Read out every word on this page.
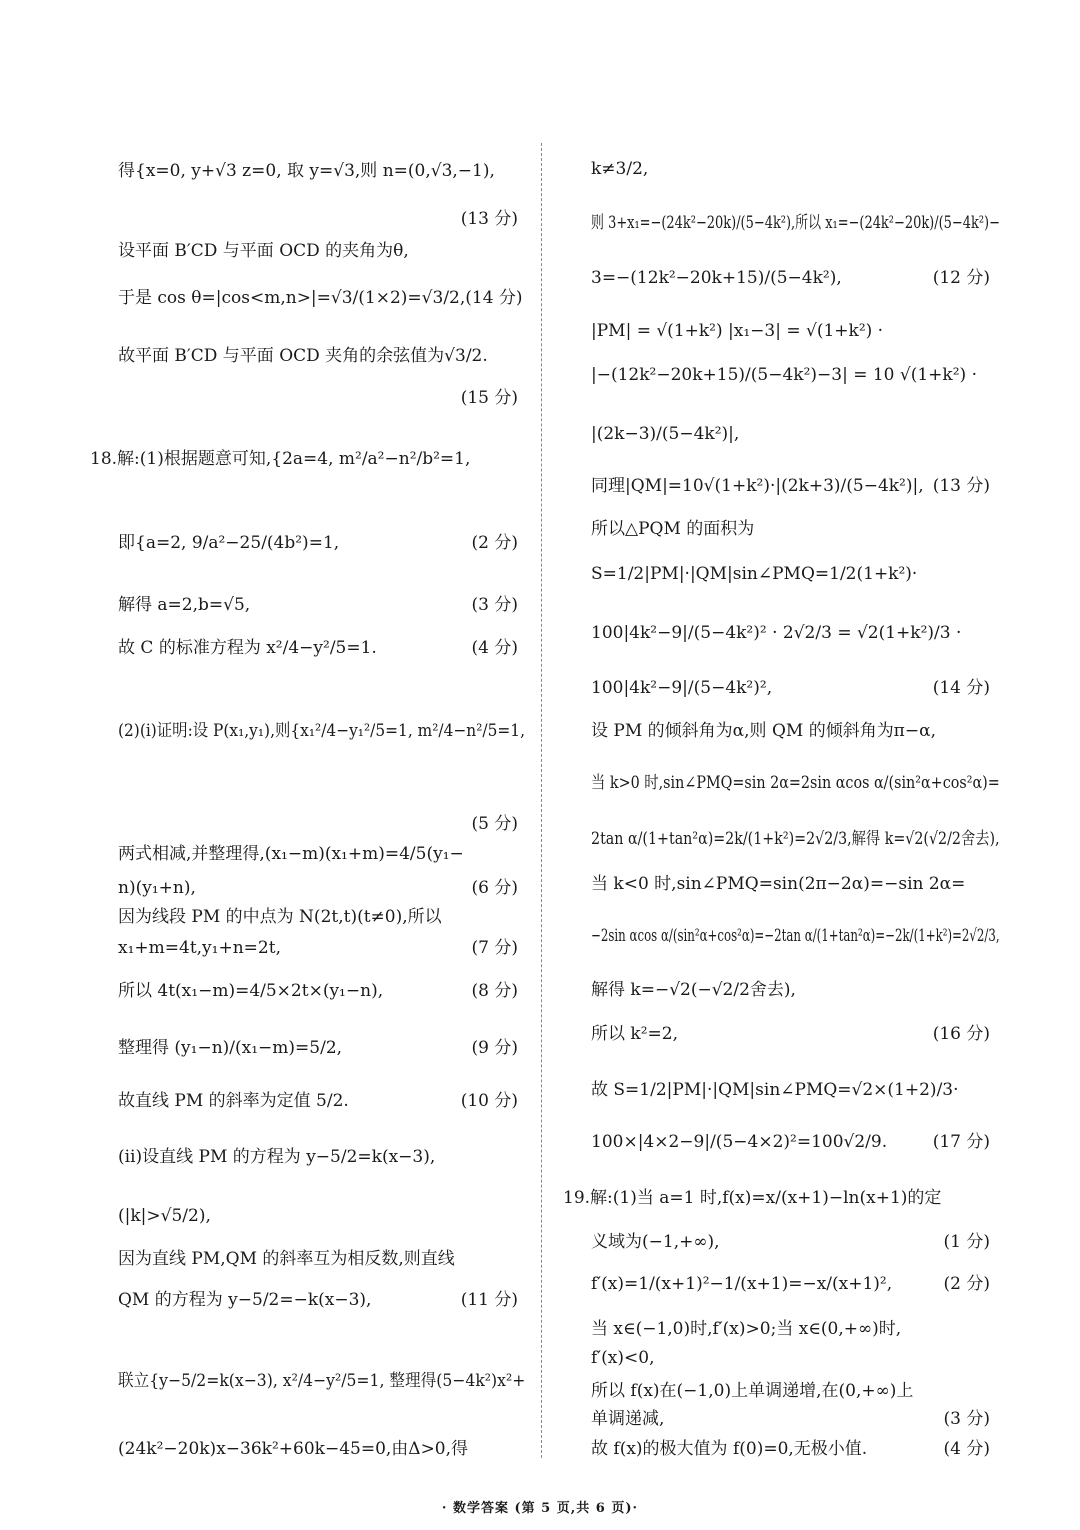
得{x=0, y+√3 z=0, 取 y=√3,则 n=(0,√3,−1),
(13 分)
设平面 B′CD 与平面 OCD 的夹角为θ,
于是 cos θ=|cos<m,n>|=√3/(1×2)=√3/2,(14 分)
故平面 B′CD 与平面 OCD 夹角的余弦值为√3/2.
(15 分)
18.解:(1)根据题意可知,{2a=4, m²/a²−n²/b²=1,
即{a=2, 9/a²−25/(4b²)=1,	(2 分)
解得 a=2,b=√5,	(3 分)
故 C 的标准方程为 x²/4−y²/5=1.	(4 分)
(2)(ⅰ)证明:设 P(x₁,y₁),则{x₁²/4−y₁²/5=1, m²/4−n²/5=1,
(5 分)
两式相减,并整理得,(x₁−m)(x₁+m)=4/5(y₁−
n)(y₁+n),	(6 分)
因为线段 PM 的中点为 N(2t,t)(t≠0),所以
x₁+m=4t,y₁+n=2t,	(7 分)
所以 4t(x₁−m)=4/5×2t×(y₁−n),	(8 分)
整理得 (y₁−n)/(x₁−m)=5/2,	(9 分)
故直线 PM 的斜率为定值 5/2.	(10 分)
(ⅱ)设直线 PM 的方程为 y−5/2=k(x−3),
(|k|>√5/2),
因为直线 PM,QM 的斜率互为相反数,则直线
QM 的方程为 y−5/2=−k(x−3),	(11 分)
联立{y−5/2=k(x−3), x²/4−y²/5=1, 整理得(5−4k²)x²+
(24k²−20k)x−36k²+60k−45=0,由Δ>0,得
k≠3/2,
则 3+x₁=−(24k²−20k)/(5−4k²),所以 x₁=−(24k²−20k)/(5−4k²)−
3=−(12k²−20k+15)/(5−4k²),	(12 分)
|PM| = √(1+k²) |x₁−3| = √(1+k²) ·
|−(12k²−20k+15)/(5−4k²)−3| = 10 √(1+k²) ·
|(2k−3)/(5−4k²)|,
同理|QM|=10√(1+k²)·|(2k+3)/(5−4k²)|, (13 分)
所以△PQM 的面积为
S=1/2|PM|·|QM|sin∠PMQ=1/2(1+k²)·
100|4k²−9|/(5−4k²)² · 2√2/3 = √2(1+k²)/3 ·
100|4k²−9|/(5−4k²)²,	(14 分)
设 PM 的倾斜角为α,则 QM 的倾斜角为π−α,
当 k>0 时,sin∠PMQ=sin 2α=2sin αcos α/(sin²α+cos²α)=
2tan α/(1+tan²α)=2k/(1+k²)=2√2/3,解得 k=√2(√2/2舍去),
当 k<0 时,sin∠PMQ=sin(2π−2α)=−sin 2α=
−2sin αcos α/(sin²α+cos²α)=−2tan α/(1+tan²α)=−2k/(1+k²)=2√2/3,
解得 k=−√2(−√2/2舍去),
所以 k²=2,	(16 分)
故 S=1/2|PM|·|QM|sin∠PMQ=√2×(1+2)/3·
100×|4×2−9|/(5−4×2)²=100√2/9.	(17 分)
19.解:(1)当 a=1 时,f(x)=x/(x+1)−ln(x+1)的定
义域为(−1,+∞),	(1 分)
f′(x)=1/(x+1)²−1/(x+1)=−x/(x+1)²,	(2 分)
当 x∈(−1,0)时,f′(x)>0;当 x∈(0,+∞)时,
f′(x)<0,
所以 f(x)在(−1,0)上单调递增,在(0,+∞)上
单调递减,	(3 分)
故 f(x)的极大值为 f(0)=0,无极小值.	(4 分)
· 数学答案 (第 5 页,共 6 页)·
